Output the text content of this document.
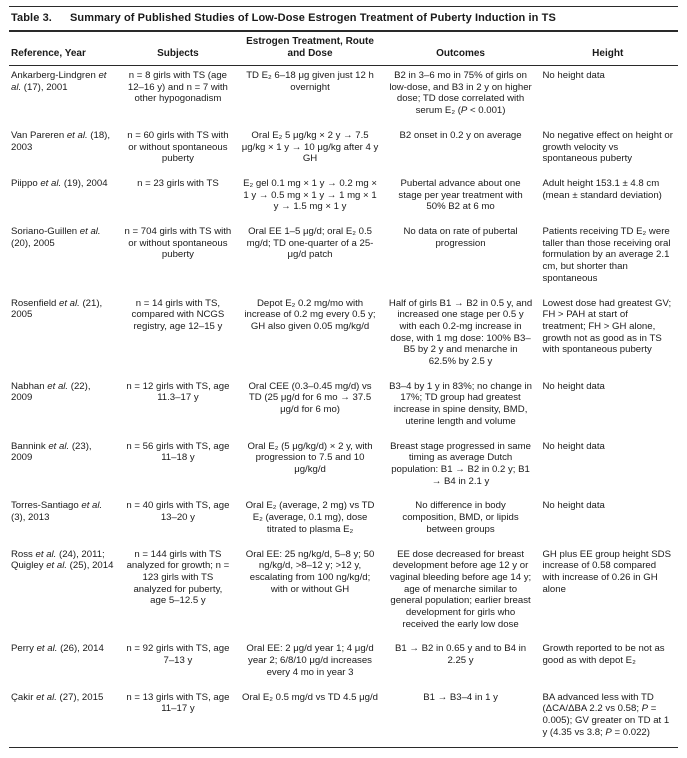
Table 3. Summary of Published Studies of Low-Dose Estrogen Treatment of Puberty Induction in TS
Reference, Year	Subjects	Estrogen Treatment, Route and Dose	Outcomes	Height
Ankarberg-Lindgren et al. (17), 2001	n = 8 girls with TS (age 12–16 y) and n = 7 with other hypogonadism	TD E₂ 6–18 μg given just 12 h overnight	B2 in 3–6 mo in 75% of girls on low-dose, and B3 in 2 y on higher dose; TD dose correlated with serum E₂ (P < 0.001)	No height data
Van Pareren et al. (18), 2003	n = 60 girls with TS with or without spontaneous puberty	Oral E₂ 5 μg/kg × 2 y → 7.5 μg/kg × 1 y → 10 μg/kg after 4 y GH	B2 onset in 0.2 y on average	No negative effect on height or growth velocity vs spontaneous puberty
Piippo et al. (19), 2004	n = 23 girls with TS	E₂ gel 0.1 mg × 1 y → 0.2 mg × 1 y → 0.5 mg × 1 y → 1 mg × 1 y → 1.5 mg × 1 y	Pubertal advance about one stage per year treatment with 50% B2 at 6 mo	Adult height 153.1 ± 4.8 cm (mean ± standard deviation)
Soriano-Guillen et al. (20), 2005	n = 704 girls with TS with or without spontaneous puberty	Oral EE 1–5 μg/d; oral E₂ 0.5 mg/d; TD one-quarter of a 25-μg/d patch	No data on rate of pubertal progression	Patients receiving TD E₂ were taller than those receiving oral formulation by an average 2.1 cm, but shorter than spontaneous
Rosenfield et al. (21), 2005	n = 14 girls with TS, compared with NCGS registry, age 12–15 y	Depot E₂ 0.2 mg/mo with increase of 0.2 mg every 0.5 y; GH also given 0.05 mg/kg/d	Half of girls B1 → B2 in 0.5 y, and increased one stage per 0.5 y with each 0.2-mg increase in dose, with 1 mg dose: 100% B3–B5 by 2 y and menarche in 62.5% by 2.5 y	Lowest dose had greatest GV; FH > PAH at start of treatment; FH > GH alone, growth not as good as in TS with spontaneous puberty
Nabhan et al. (22), 2009	n = 12 girls with TS, age 11.3–17 y	Oral CEE (0.3–0.45 mg/d) vs TD (25 μg/d for 6 mo → 37.5 μg/d for 6 mo)	B3–4 by 1 y in 83%; no change in 17%; TD group had greatest increase in spine density, BMD, uterine length and volume	No height data
Bannink et al. (23), 2009	n = 56 girls with TS, age 11–18 y	Oral E₂ (5 μg/kg/d) × 2 y, with progression to 7.5 and 10 μg/kg/d	Breast stage progressed in same timing as average Dutch population: B1 → B2 in 0.2 y; B1 → B4 in 2.1 y	No height data
Torres-Santiago et al. (3), 2013	n = 40 girls with TS, age 13–20 y	Oral E₂ (average, 2 mg) vs TD E₂ (average, 0.1 mg), dose titrated to plasma E₂	No difference in body composition, BMD, or lipids between groups	No height data
Ross et al. (24), 2011; Quigley et al. (25), 2014	n = 144 girls with TS analyzed for growth; n = 123 girls with TS analyzed for puberty, age 5–12.5 y	Oral EE: 25 ng/kg/d, 5–8 y; 50 ng/kg/d, >8–12 y; >12 y, escalating from 100 ng/kg/d; with or without GH	EE dose decreased for breast development before age 12 y or vaginal bleeding before age 14 y; age of menarche similar to general population; earlier breast development for girls who received the early low dose	GH plus EE group height SDS increase of 0.58 compared with increase of 0.26 in GH alone
Perry et al. (26), 2014	n = 92 girls with TS, age 7–13 y	Oral EE: 2 μg/d year 1; 4 μg/d year 2; 6/8/10 μg/d increases every 4 mo in year 3	B1 → B2 in 0.65 y and to B4 in 2.25 y	Growth reported to be not as good as with depot E₂
Çakir et al. (27), 2015	n = 13 girls with TS, age 11–17 y	Oral E₂ 0.5 mg/d vs TD 4.5 μg/d	B1 → B3–4 in 1 y	BA advanced less with TD (ΔCA/ΔBA 2.2 vs 0.58; P = 0.005); GV greater on TD at 1 y (4.35 vs 3.8; P = 0.022)
